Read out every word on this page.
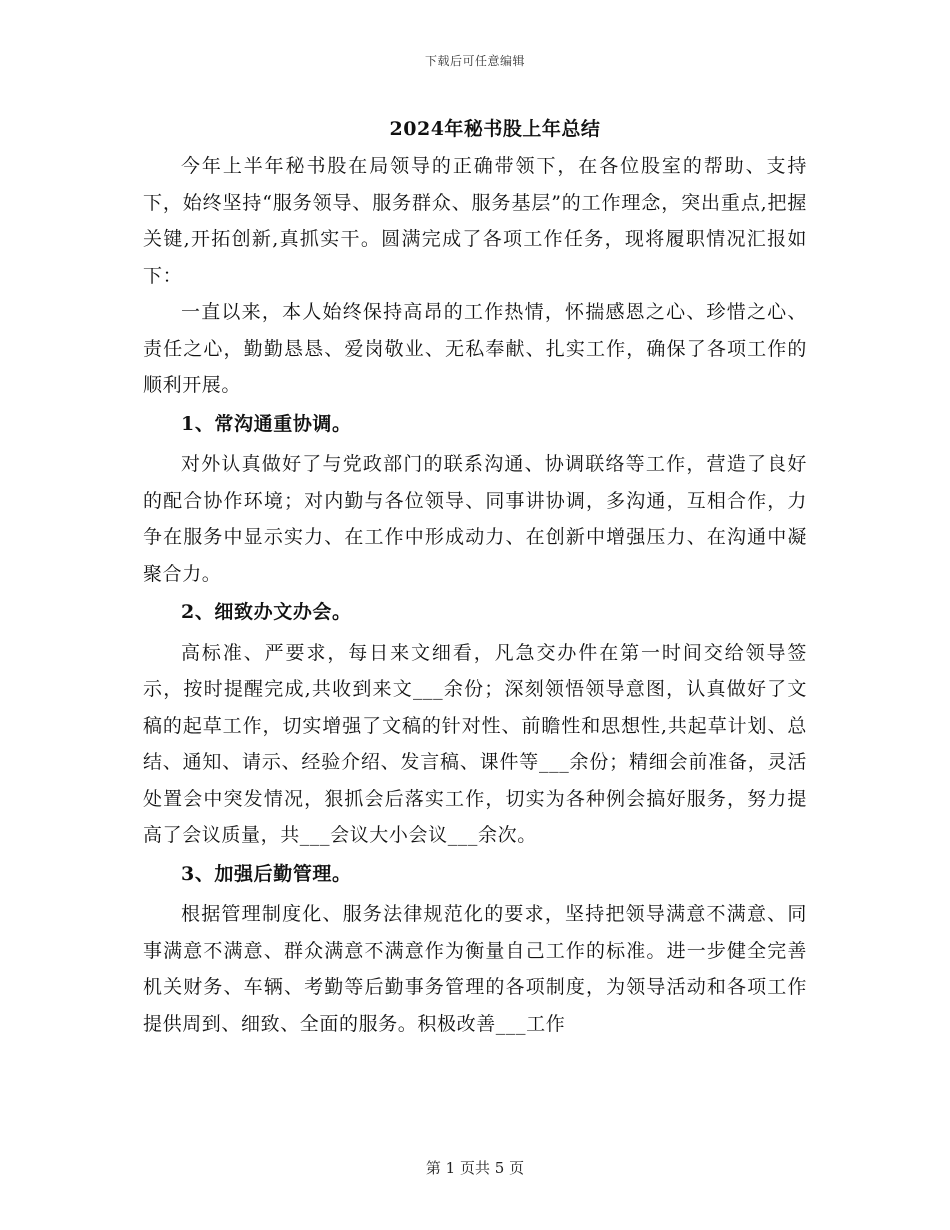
下载后可任意编辑
2024年秘书股上年总结

今年上半年秘书股在局领导的正确带领下，在各位股室的帮助、支持下，始终坚持“服务领导、服务群众、服务基层”的工作理念，突出重点,把握关键,开拓创新,真抓实干。圆满完成了各项工作任务，现将履职情况汇报如下：

一直以来，本人始终保持高昂的工作热情，怀揣感恩之心、珍惜之心、责任之心，勤勤恳恳、爱岗敬业、无私奉献、扎实工作，确保了各项工作的顺利开展。

1、常沟通重协调。

对外认真做好了与党政部门的联系沟通、协调联络等工作，营造了良好的配合协作环境；对内勤与各位领导、同事讲协调，多沟通，互相合作，力争在服务中显示实力、在工作中形成动力、在创新中增强压力、在沟通中凝聚合力。

2、细致办文办会。

高标准、严要求，每日来文细看，凡急交办件在第一时间交给领导签示，按时提醒完成,共收到来文___余份；深刻领悟领导意图，认真做好了文稿的起草工作，切实增强了文稿的针对性、前瞻性和思想性,共起草计划、总结、通知、请示、经验介绍、发言稿、课件等___余份；精细会前准备，灵活处置会中突发情况，狠抓会后落实工作，切实为各种例会搞好服务，努力提高了会议质量，共___会议大小会议___余次。

3、加强后勤管理。

根据管理制度化、服务法律规范化的要求，坚持把领导满意不满意、同事满意不满意、群众满意不满意作为衡量自己工作的标准。进一步健全完善机关财务、车辆、考勤等后勤事务管理的各项制度，为领导活动和各项工作提供周到、细致、全面的服务。积极改善___工作

第 1 页共 5 页
